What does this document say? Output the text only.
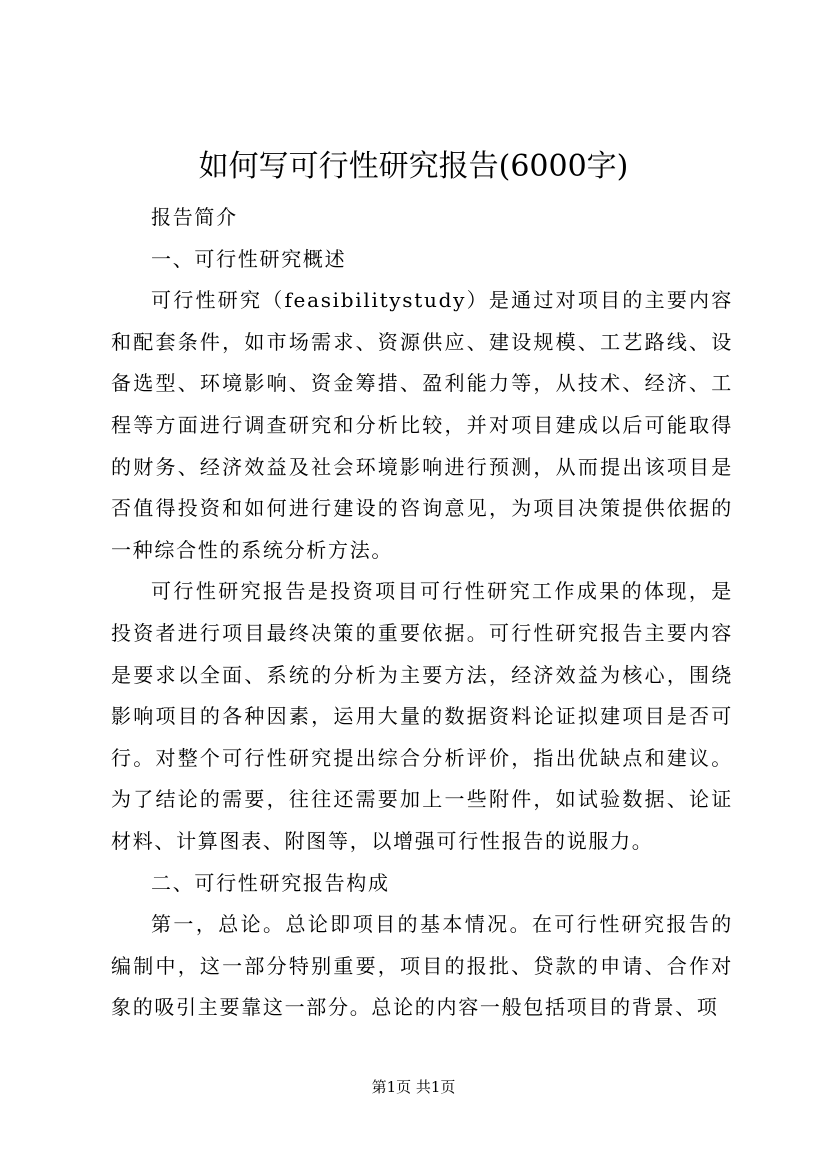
如何写可行性研究报告(6000字)

报告简介

一、可行性研究概述

可行性研究（feasibilitystudy）是通过对项目的主要内容和配套条件，如市场需求、资源供应、建设规模、工艺路线、设备选型、环境影响、资金筹措、盈利能力等，从技术、经济、工程等方面进行调查研究和分析比较，并对项目建成以后可能取得的财务、经济效益及社会环境影响进行预测，从而提出该项目是否值得投资和如何进行建设的咨询意见，为项目决策提供依据的一种综合性的系统分析方法。

可行性研究报告是投资项目可行性研究工作成果的体现，是投资者进行项目最终决策的重要依据。可行性研究报告主要内容是要求以全面、系统的分析为主要方法，经济效益为核心，围绕影响项目的各种因素，运用大量的数据资料论证拟建项目是否可行。对整个可行性研究提出综合分析评价，指出优缺点和建议。为了结论的需要，往往还需要加上一些附件，如试验数据、论证材料、计算图表、附图等，以增强可行性报告的说服力。

二、可行性研究报告构成

第一，总论。总论即项目的基本情况。在可行性研究报告的编制中，这一部分特别重要，项目的报批、贷款的申请、合作对象的吸引主要靠这一部分。总论的内容一般包括项目的背景、项

第1页 共1页
